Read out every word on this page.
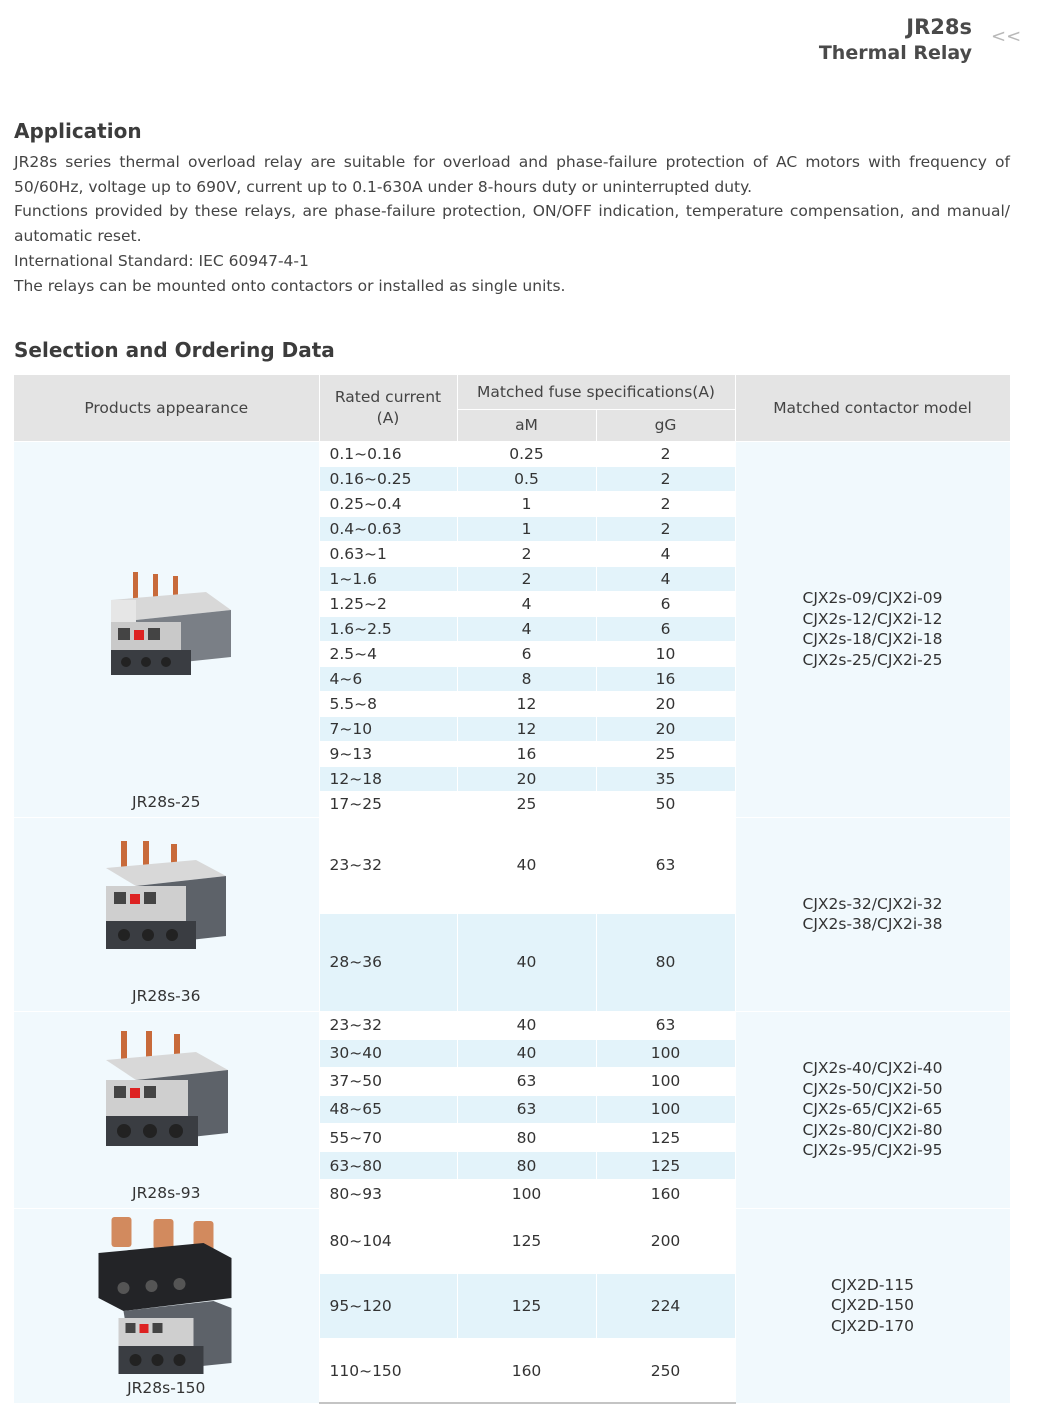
JR28s
Thermal Relay
<<
Application

JR28s series thermal overload relay are suitable for overload and phase-failure protection of AC motors with frequency of 50/60Hz, voltage up to 690V, current up to 0.1-630A under 8-hours duty or uninterrupted duty.

Functions provided by these relays, are phase-failure protection, ON/OFF indication, temperature compensation, and manual/ automatic reset.

International Standard: IEC 60947-4-1

The relays can be mounted onto contactors or installed as single units.

Selection and Ordering Data
Products appearance	Rated current (A)	Matched fuse specifications(A)		Matched contactor model
		aM	gG	

JR28s-25	0.1~0.16	0.25	2	CJX2s-09/CJX2i-09
CJX2s-12/CJX2i-12
CJX2s-18/CJX2i-18
CJX2s-25/CJX2i-25

	0.16~0.25	0.5	2	
	0.25~0.4	1	2	
	0.4~0.63	1	2	
	0.63~1	2	4	
	1~1.6	2	4	
	1.25~2	4	6	
	1.6~2.5	4	6	
	2.5~4	6	10	
	4~6	8	16	
	5.5~8	12	20	
	7~10	12	20	
	9~13	16	25	
	12~18	20	35	
	17~25	25	50	

JR28s-36	23~32	40	63	CJX2s-32/CJX2i-32
CJX2s-38/CJX2i-38

	28~36	40	80	

JR28s-93	23~32	40	63	CJX2s-40/CJX2i-40
CJX2s-50/CJX2i-50
CJX2s-65/CJX2i-65
CJX2s-80/CJX2i-80
CJX2s-95/CJX2i-95

	30~40	40	100	
	37~50	63	100	
	48~65	63	100	
	55~70	80	125	
	63~80	80	125	
	80~93	100	160	

JR28s-150	80~104	125	200	CJX2D-115
CJX2D-150
CJX2D-170

	95~120	125	224	
	110~150	160	250	
